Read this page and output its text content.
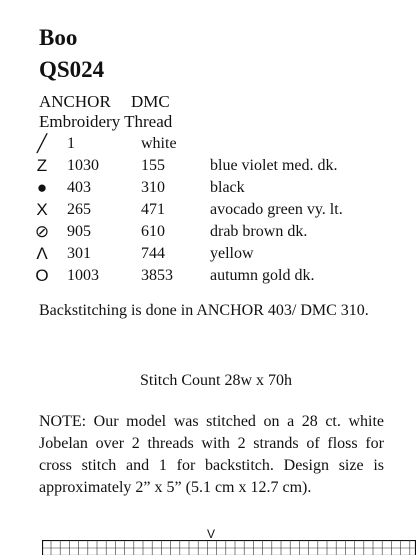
Boo
QS024
ANCHOR DMC
Embroidery Thread
╱ 1	white
Z 1030	155	blue violet med. dk.
● 403	310	black
X 265	471	avocado green vy. lt.
⊘ 905	610	drab brown dk.
Λ 301	744	yellow
O 1003	3853 autumn gold dk.
Backstitching is done in ANCHOR 403/ DMC 310.
Stitch Count 28w x 70h
NOTE: Our model was stitched on a 28 ct. white Jobelan over 2 threads with 2 strands of floss for cross stitch and 1 for backstitch. Design size is approximately 2” x 5” (5.1 cm x 12.7 cm).
V
